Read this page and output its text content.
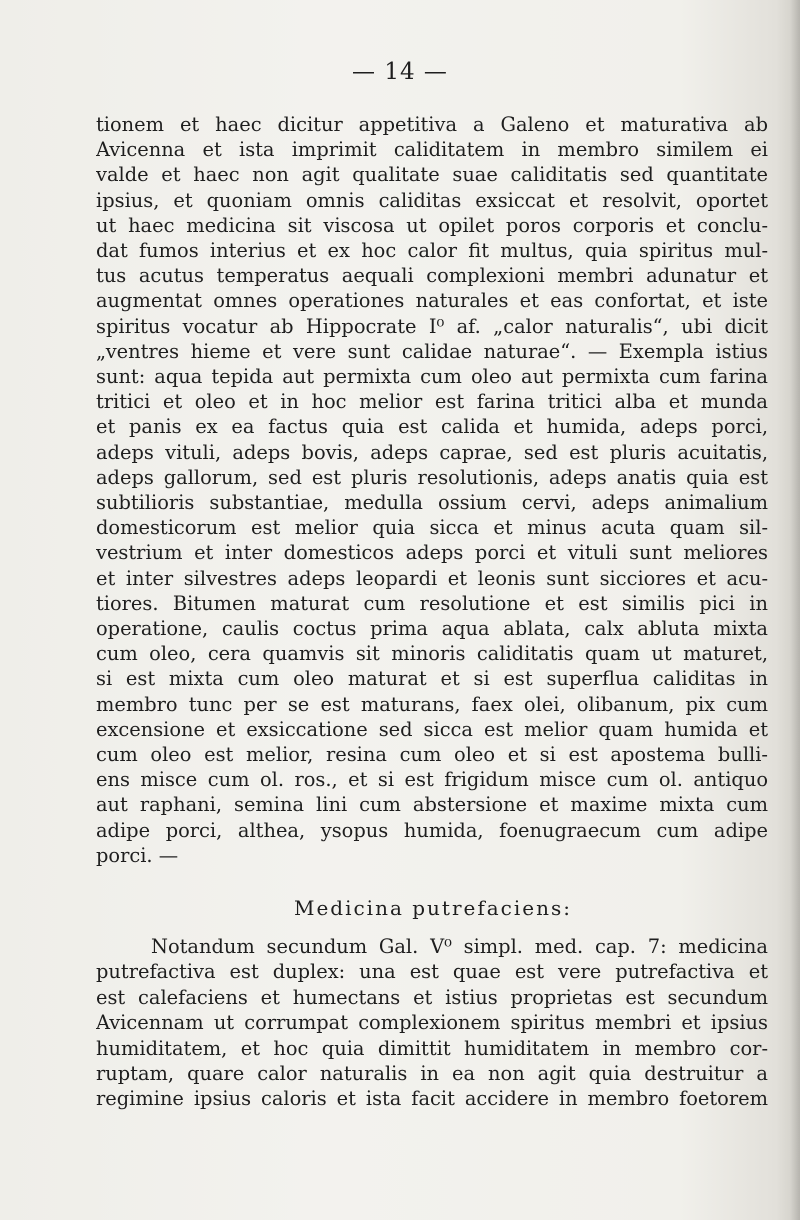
— 14 —
tionem et haec dicitur appetitiva a Galeno et maturativa ab
Avicenna et ista imprimit caliditatem in membro similem ei
valde et haec non agit qualitate suae caliditatis sed quantitate
ipsius, et quoniam omnis caliditas exsiccat et resolvit, oportet
ut haec medicina sit viscosa ut opilet poros corporis et conclu-
dat fumos interius et ex hoc calor fit multus, quia spiritus mul-
tus acutus temperatus aequali complexioni membri adunatur et
augmentat omnes operationes naturales et eas confortat, et iste
spiritus vocatur ab Hippocrate I⁰ af. „calor naturalis“, ubi dicit
„ventres hieme et vere sunt calidae naturae“. — Exempla istius
sunt: aqua tepida aut permixta cum oleo aut permixta cum farina
tritici et oleo et in hoc melior est farina tritici alba et munda
et panis ex ea factus quia est calida et humida, adeps porci,
adeps vituli, adeps bovis, adeps caprae, sed est pluris acuitatis,
adeps gallorum, sed est pluris resolutionis, adeps anatis quia est
subtilioris substantiae, medulla ossium cervi, adeps animalium
domesticorum est melior quia sicca et minus acuta quam sil-
vestrium et inter domesticos adeps porci et vituli sunt meliores
et inter silvestres adeps leopardi et leonis sunt sicciores et acu-
tiores. Bitumen maturat cum resolutione et est similis pici in
operatione, caulis coctus prima aqua ablata, calx abluta mixta
cum oleo, cera quamvis sit minoris caliditatis quam ut maturet,
si est mixta cum oleo maturat et si est superflua caliditas in
membro tunc per se est maturans, faex olei, olibanum, pix cum
excensione et exsiccatione sed sicca est melior quam humida et
cum oleo est melior, resina cum oleo et si est apostema bulli-
ens misce cum ol. ros., et si est frigidum misce cum ol. antiquo
aut raphani, semina lini cum abstersione et maxime mixta cum
adipe porci, althea, ysopus humida, foenugraecum cum adipe
porci. —
Medicina putrefaciens:
Notandum secundum Gal. V⁰ simpl. med. cap. 7: medicina
putrefactiva est duplex: una est quae est vere putrefactiva et
est calefaciens et humectans et istius proprietas est secundum
Avicennam ut corrumpat complexionem spiritus membri et ipsius
humiditatem, et hoc quia dimittit humiditatem in membro cor-
ruptam, quare calor naturalis in ea non agit quia destruitur a
regimine ipsius caloris et ista facit accidere in membro foetorem
